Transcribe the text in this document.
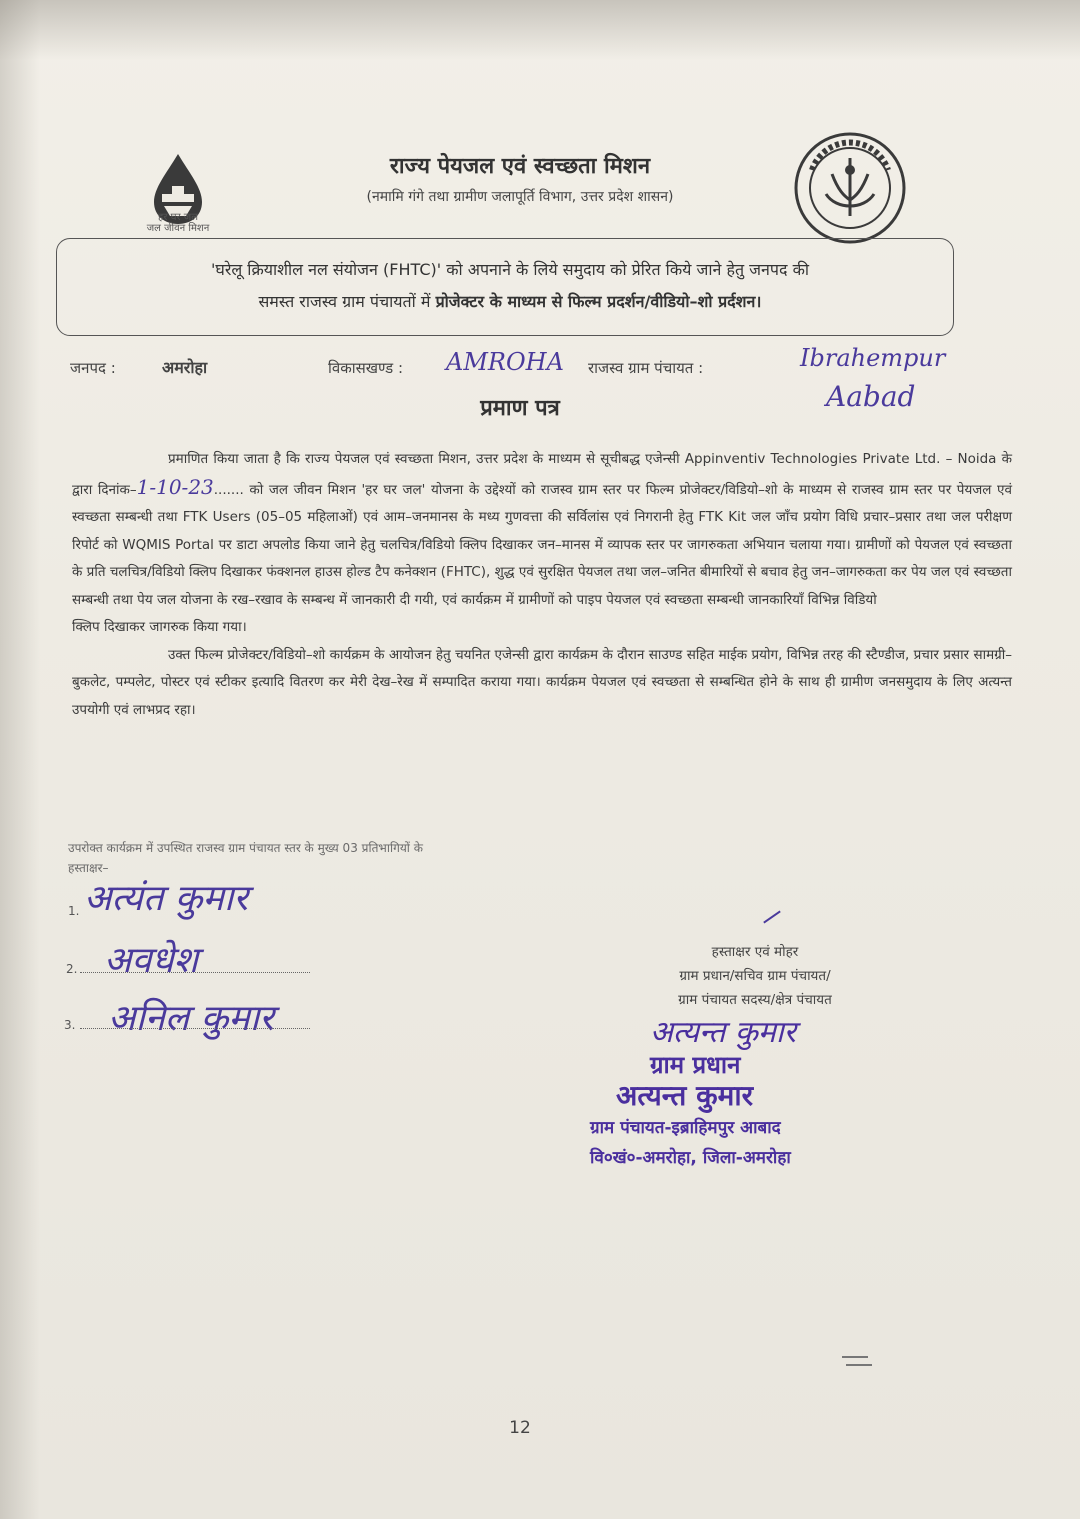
हर घर जल
जल जीवन मिशन
राज्य पेयजल एवं स्वच्छता मिशन
(नमामि गंगे तथा ग्रामीण जलापूर्ति विभाग, उत्तर प्रदेश शासन)
'घरेलू क्रियाशील नल संयोजन (FHTC)' को अपनाने के लिये समुदाय को प्रेरित किये जाने हेतु जनपद की
समस्त राजस्व ग्राम पंचायतों में प्रोजेक्टर के माध्यम से फिल्म प्रदर्शन/वीडियो–शो प्रर्दशन।
जनपद :	अमरोहा	विकासखण्ड : AMROHA राजस्व ग्राम पंचायत :	Ibrahempur
Aabad
प्रमाण पत्र

प्रमाणित किया जाता है कि राज्य पेयजल एवं स्वच्छता मिशन, उत्तर प्रदेश के माध्यम से सूचीबद्ध एजेन्सी Appinventiv Technologies Private Ltd. – Noida के द्वारा दिनांक–1-10-23....... को जल जीवन मिशन 'हर घर जल' योजना के उद्देश्यों को राजस्व ग्राम स्तर पर फिल्म प्रोजेक्टर/विडियो–शो के माध्यम से राजस्व ग्राम स्तर पर पेयजल एवं स्वच्छता सम्बन्धी तथा FTK Users (05–05 महिलाओं) एवं आम–जनमानस के मध्य गुणवत्ता की सर्विलांस एवं निगरानी हेतु FTK Kit जल जाँच प्रयोग विधि प्रचार–प्रसार तथा जल परीक्षण रिपोर्ट को WQMIS Portal पर डाटा अपलोड किया जाने हेतु चलचित्र/विडियो क्लिप दिखाकर जन–मानस में व्यापक स्तर पर जागरुकता अभियान चलाया गया। ग्रामीणों को पेयजल एवं स्वच्छता के प्रति चलचित्र/विडियो क्लिप दिखाकर फंक्शनल हाउस होल्ड टैप कनेक्शन (FHTC), शुद्ध एवं सुरक्षित पेयजल तथा जल–जनित बीमारियों से बचाव हेतु जन–जागरुकता कर पेय जल एवं स्वच्छता सम्बन्धी तथा पेय जल योजना के रख–रखाव के सम्बन्ध में जानकारी दी गयी, एवं कार्यक्रम में ग्रामीणों को पाइप पेयजल एवं स्वच्छता सम्बन्धी जानकारियाँ विभिन्न विडियो

क्लिप दिखाकर जागरुक किया गया।

उक्त फिल्म प्रोजेक्टर/विडियो–शो कार्यक्रम के आयोजन हेतु चयनित एजेन्सी द्वारा कार्यक्रम के दौरान साउण्ड सहित माईक प्रयोग, विभिन्न तरह की स्टैण्डीज, प्रचार प्रसार सामग्री–बुकलेट, पम्पलेट, पोस्टर एवं स्टीकर इत्यादि वितरण कर मेरी देख–रेख में सम्पादित कराया गया। कार्यक्रम पेयजल एवं स्वच्छता से सम्बन्धित होने के साथ ही ग्रामीण जनसमुदाय के लिए अत्यन्त उपयोगी एवं लाभप्रद रहा।

उपरोक्त कार्यक्रम में उपस्थित राजस्व ग्राम पंचायत स्तर के मुख्य 03 प्रतिभागियों के
हस्ताक्षर–
1. अत्यंत कुमार
2. अवधेश
3. अनिल कुमार
हस्ताक्षर एवं मोहर
ग्राम प्रधान/सचिव ग्राम पंचायत/
ग्राम पंचायत सदस्य/क्षेत्र पंचायत
अत्यन्त कुमार
ग्राम प्रधान
अत्यन्त कुमार
ग्राम पंचायत-इब्राहिमपुर आबाद
वि०खं०-अमरोहा, जिला-अमरोहा
12
